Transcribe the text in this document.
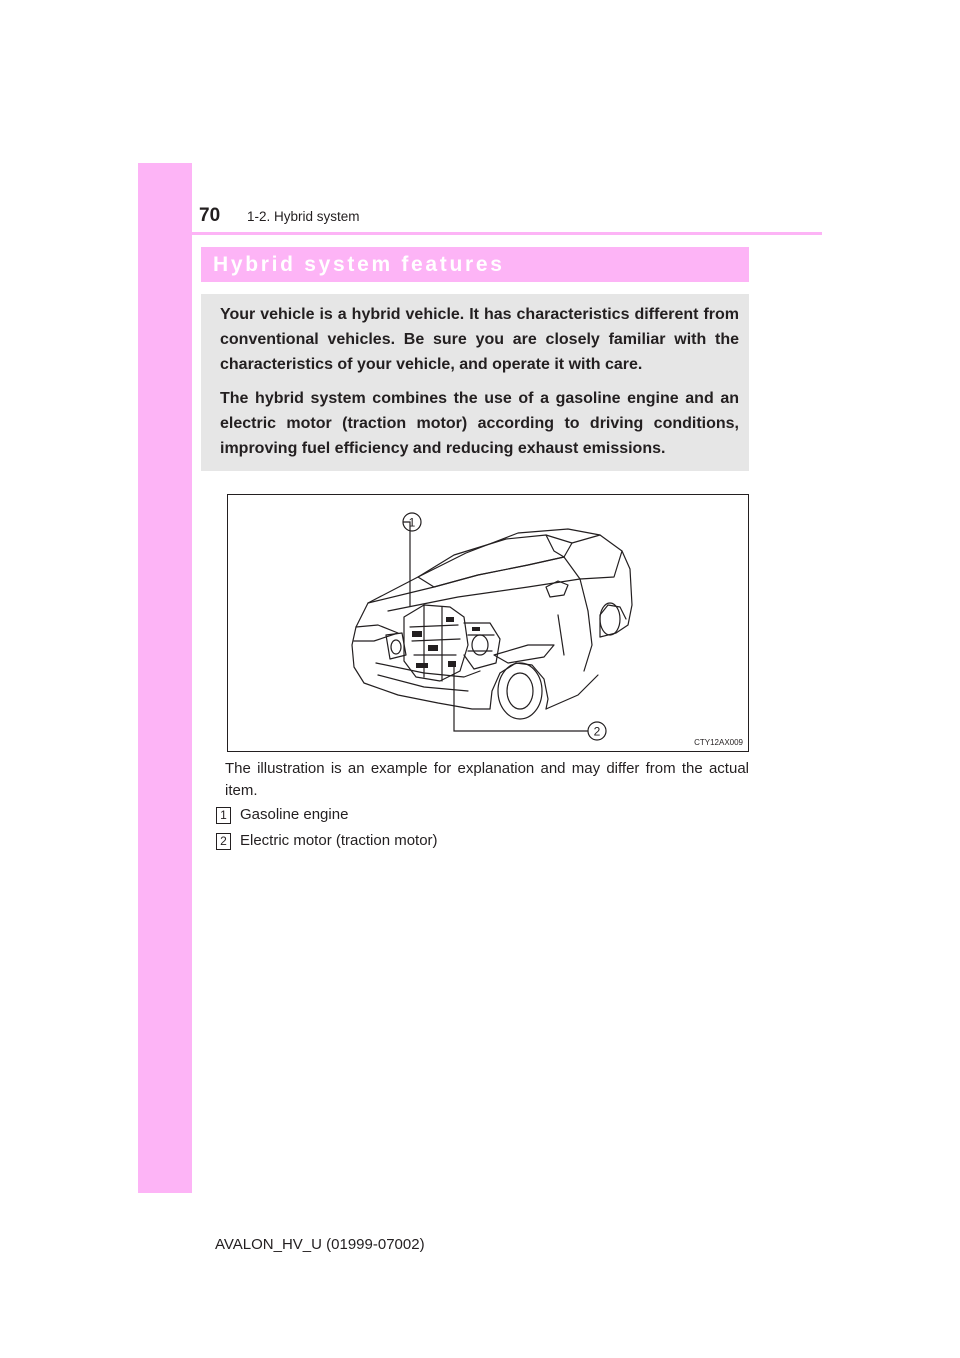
70 1-2. Hybrid system
Hybrid system features

Your vehicle is a hybrid vehicle. It has characteristics different from conventional vehicles. Be sure you are closely familiar with the characteristics of your vehicle, and operate it with care.

The hybrid system combines the use of a gasoline engine and an electric motor (traction motor) according to driving conditions, improving fuel efficiency and reducing exhaust emissions.

1
2
CTY12AX009
The illustration is an example for explanation and may differ from the actual item.
1 Gasoline engine
2 Electric motor (traction motor)
AVALON_HV_U (01999-07002)
